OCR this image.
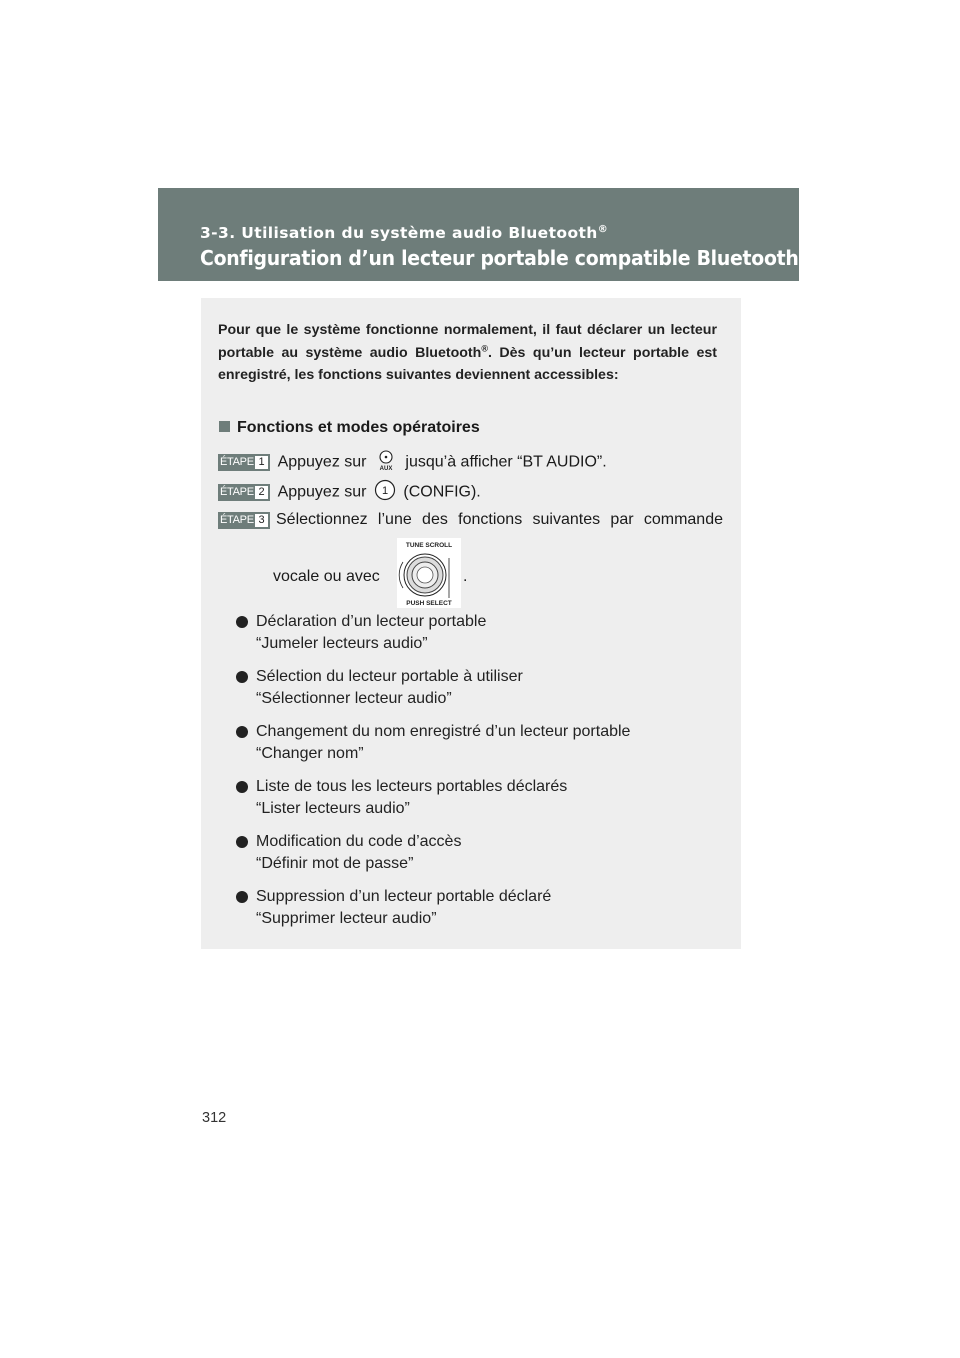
3-3. Utilisation du système audio Bluetooth®
Configuration d’un lecteur portable compatible Bluetooth®
Pour que le système fonctionne normalement, il faut déclarer un lecteur portable au système audio Bluetooth®. Dès qu’un lecteur portable est enregistré, les fonctions suivantes deviennent accessibles:
Fonctions et modes opératoires
ÉTAPE 1 Appuyez sur AUX jusqu’à afficher “BT AUDIO”.
ÉTAPE 2 Appuyez sur 1 (CONFIG).
ÉTAPE 3 Sélectionnez l’une des fonctions suivantes par commande
vocale ou avec
TUNE SCROLL
PUSH SELECT
.
Déclaration d’un lecteur portable
“Jumeler lecteurs audio”
Sélection du lecteur portable à utiliser
“Sélectionner lecteur audio”
Changement du nom enregistré d’un lecteur portable
“Changer nom”
Liste de tous les lecteurs portables déclarés
“Lister lecteurs audio”
Modification du code d’accès
“Définir mot de passe”
Suppression d’un lecteur portable déclaré
“Supprimer lecteur audio”
312
